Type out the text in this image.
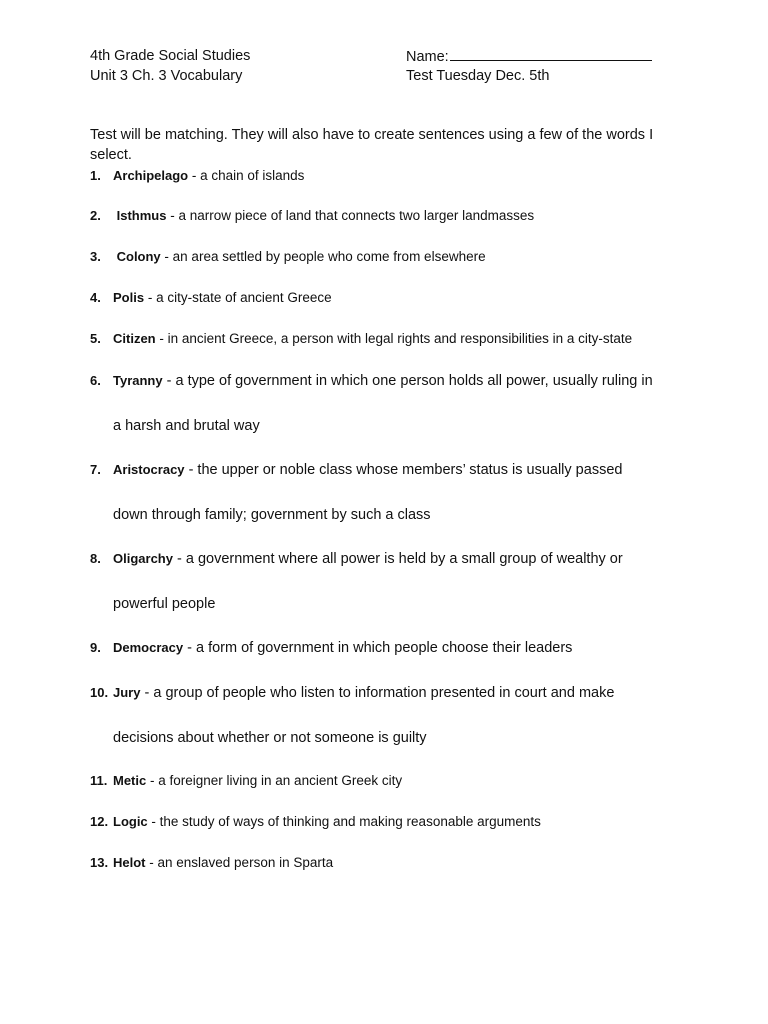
4th Grade Social Studies
Unit 3 Ch. 3 Vocabulary
Name:
Test Tuesday Dec. 5th
Test will be matching. They will also have to create sentences using a few of the words I select.
1. Archipelago - a chain of islands
2. Isthmus - a narrow piece of land that connects two larger landmasses
3. Colony - an area settled by people who come from elsewhere
4. Polis - a city-state of ancient Greece
5. Citizen - in ancient Greece, a person with legal rights and responsibilities in a city-state
6. Tyranny - a type of government in which one person holds all power, usually ruling in
a harsh and brutal way
7. Aristocracy - the upper or noble class whose members’ status is usually passed
down through family; government by such a class
8. Oligarchy - a government where all power is held by a small group of wealthy or
powerful people
9. Democracy - a form of government in which people choose their leaders
10. Jury - a group of people who listen to information presented in court and make
decisions about whether or not someone is guilty
11. Metic - a foreigner living in an ancient Greek city
12. Logic - the study of ways of thinking and making reasonable arguments
13. Helot - an enslaved person in Sparta
